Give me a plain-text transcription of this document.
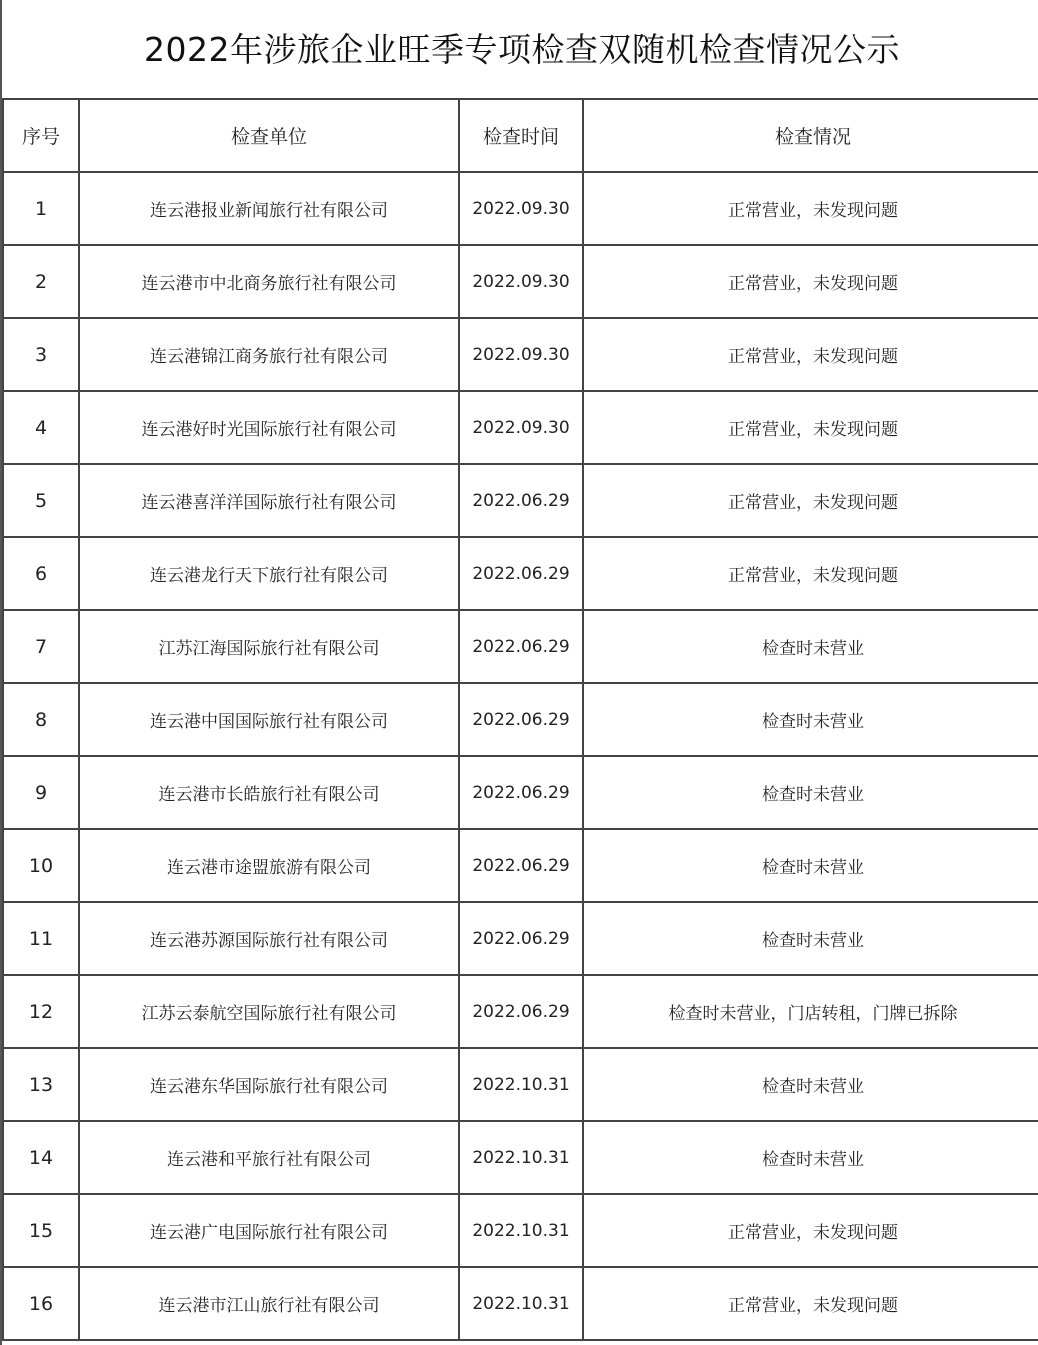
2022年涉旅企业旺季专项检查双随机检查情况公示
序号	检查单位	检查时间	检查情况
1	连云港报业新闻旅行社有限公司	2022.09.30	正常营业，未发现问题
2	连云港市中北商务旅行社有限公司	2022.09.30	正常营业，未发现问题
3	连云港锦江商务旅行社有限公司	2022.09.30	正常营业，未发现问题
4	连云港好时光国际旅行社有限公司	2022.09.30	正常营业，未发现问题
5	连云港喜洋洋国际旅行社有限公司	2022.06.29	正常营业，未发现问题
6	连云港龙行天下旅行社有限公司	2022.06.29	正常营业，未发现问题
7	江苏江海国际旅行社有限公司	2022.06.29	检查时未营业
8	连云港中国国际旅行社有限公司	2022.06.29	检查时未营业
9	连云港市长皓旅行社有限公司	2022.06.29	检查时未营业
10	连云港市途盟旅游有限公司	2022.06.29	检查时未营业
11	连云港苏源国际旅行社有限公司	2022.06.29	检查时未营业
12	江苏云泰航空国际旅行社有限公司	2022.06.29	检查时未营业，门店转租，门牌已拆除
13	连云港东华国际旅行社有限公司	2022.10.31	检查时未营业
14	连云港和平旅行社有限公司	2022.10.31	检查时未营业
15	连云港广电国际旅行社有限公司	2022.10.31	正常营业，未发现问题
16	连云港市江山旅行社有限公司	2022.10.31	正常营业，未发现问题
